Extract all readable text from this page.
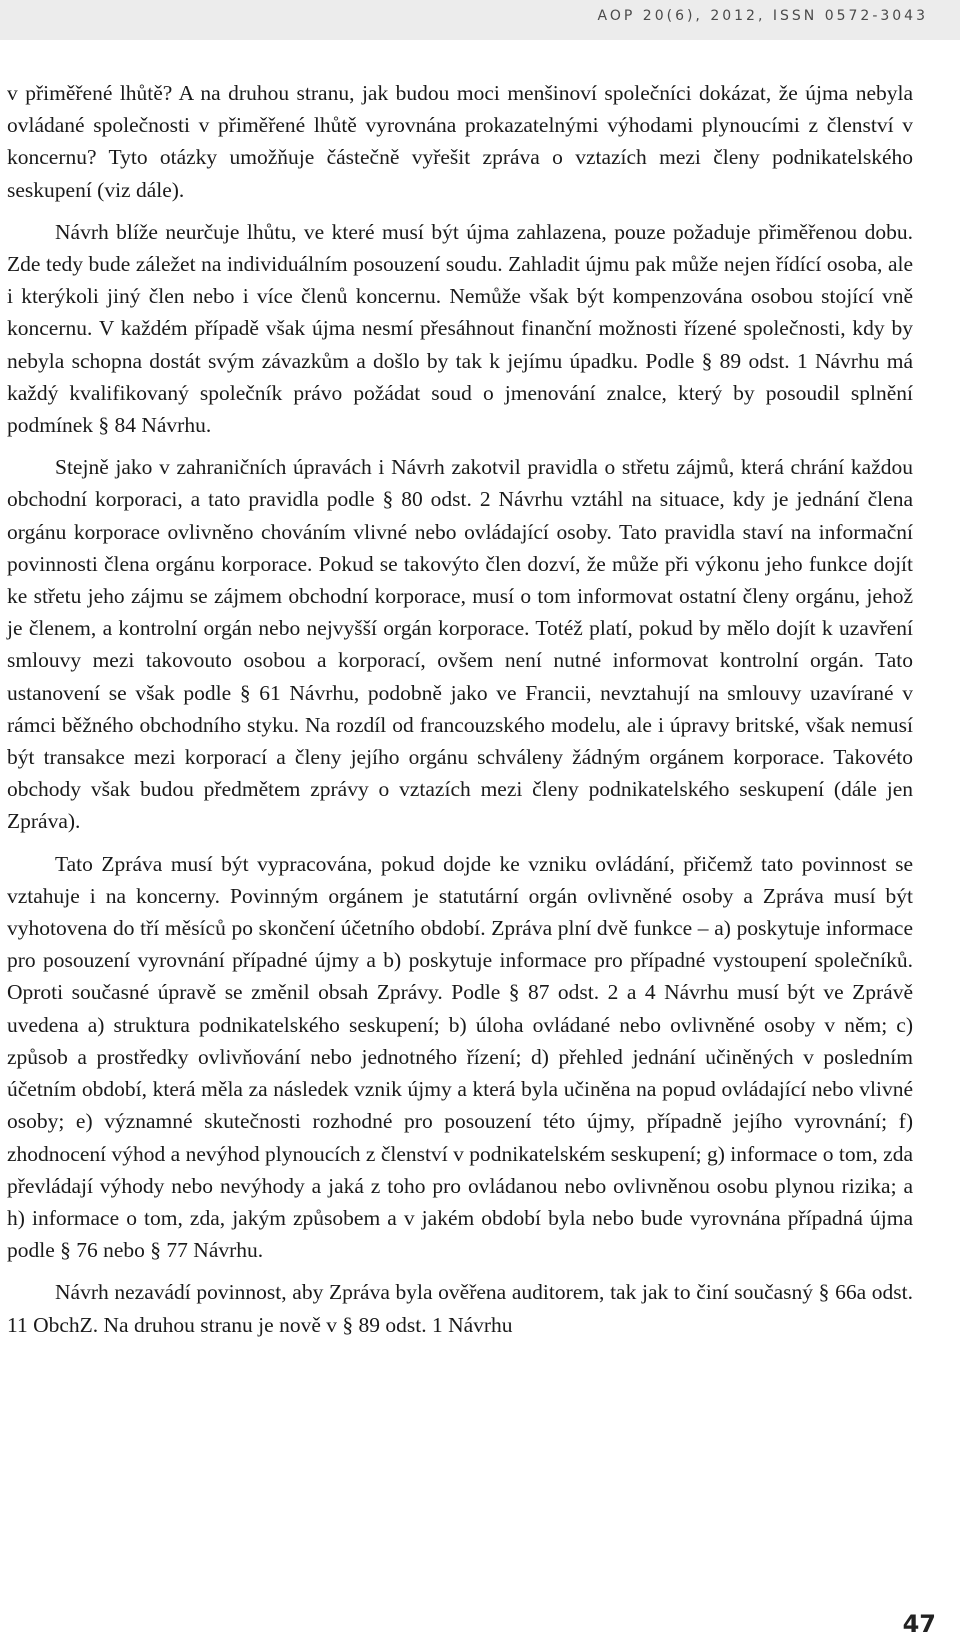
AOP 20(6), 2012, ISSN 0572-3043

v přiměřené lhůtě? A na druhou stranu, jak budou moci menšinoví společníci dokázat, že újma nebyla ovládané společnosti v přiměřené lhůtě vyrovnána prokazatelnými výhodami plynoucími z členství v koncernu? Tyto otázky umožňuje částečně vyřešit zpráva o vztazích mezi členy podnikatelského seskupení (viz dále).

Návrh blíže neurčuje lhůtu, ve které musí být újma zahlazena, pouze požaduje přiměřenou dobu. Zde tedy bude záležet na individuálním posouzení soudu. Zahladit újmu pak může nejen řídící osoba, ale i kterýkoli jiný člen nebo i více členů koncernu. Nemůže však být kompenzována osobou stojící vně koncernu. V každém případě však újma nesmí přesáhnout finanční možnosti řízené společnosti, kdy by nebyla schopna dostát svým závazkům a došlo by tak k jejímu úpadku. Podle § 89 odst. 1 Návrhu má každý kvalifikovaný společník právo požádat soud o jmenování znalce, který by posoudil splnění podmínek § 84 Návrhu.

Stejně jako v zahraničních úpravách i Návrh zakotvil pravidla o střetu zájmů, která chrání každou obchodní korporaci, a tato pravidla podle § 80 odst. 2 Návrhu vztáhl na situace, kdy je jednání člena orgánu korporace ovlivněno chováním vlivné nebo ovládající osoby. Tato pravidla staví na informační povinnosti člena orgánu korporace. Pokud se takovýto člen dozví, že může při výkonu jeho funkce dojít ke střetu jeho zájmu se zájmem obchodní korporace, musí o tom informovat ostatní členy orgánu, jehož je členem, a kontrolní orgán nebo nejvyšší orgán korporace. Totéž platí, pokud by mělo dojít k uzavření smlouvy mezi takovouto osobou a korporací, ovšem není nutné informovat kontrolní orgán. Tato ustanovení se však podle § 61 Návrhu, podobně jako ve Francii, nevztahují na smlouvy uzavírané v rámci běžného obchodního styku. Na rozdíl od francouzského modelu, ale i úpravy britské, však nemusí být transakce mezi korporací a členy jejího orgánu schváleny žádným orgánem korporace. Takovéto obchody však budou předmětem zprávy o vztazích mezi členy podnikatelského seskupení (dále jen Zpráva).

Tato Zpráva musí být vypracována, pokud dojde ke vzniku ovládání, přičemž tato povinnost se vztahuje i na koncerny. Povinným orgánem je statutární orgán ovlivněné osoby a Zpráva musí být vyhotovena do tří měsíců po skončení účetního období. Zpráva plní dvě funkce – a) poskytuje informace pro posouzení vyrovnání případné újmy a b) poskytuje informace pro případné vystoupení společníků. Oproti současné úpravě se změnil obsah Zprávy. Podle § 87 odst. 2 a 4 Návrhu musí být ve Zprávě uvedena a) struktura podnikatelského seskupení; b) úloha ovládané nebo ovlivněné osoby v něm; c) způsob a prostředky ovlivňování nebo jednotného řízení; d) přehled jednání učiněných v posledním účetním období, která měla za následek vznik újmy a která byla učiněna na popud ovládající nebo vlivné osoby; e) významné skutečnosti rozhodné pro posouzení této újmy, případně jejího vyrovnání; f) zhodnocení výhod a nevýhod plynoucích z členství v podnikatelském seskupení; g) informace o tom, zda převládají výhody nebo nevýhody a jaká z toho pro ovládanou nebo ovlivněnou osobu plynou rizika; a h) informace o tom, zda, jakým způsobem a v jakém období byla nebo bude vyrovnána případná újma podle § 76 nebo § 77 Návrhu.

Návrh nezavádí povinnost, aby Zpráva byla ověřena auditorem, tak jak to činí současný § 66a odst. 11 ObchZ. Na druhou stranu je nově v § 89 odst. 1 Návrhu

47
